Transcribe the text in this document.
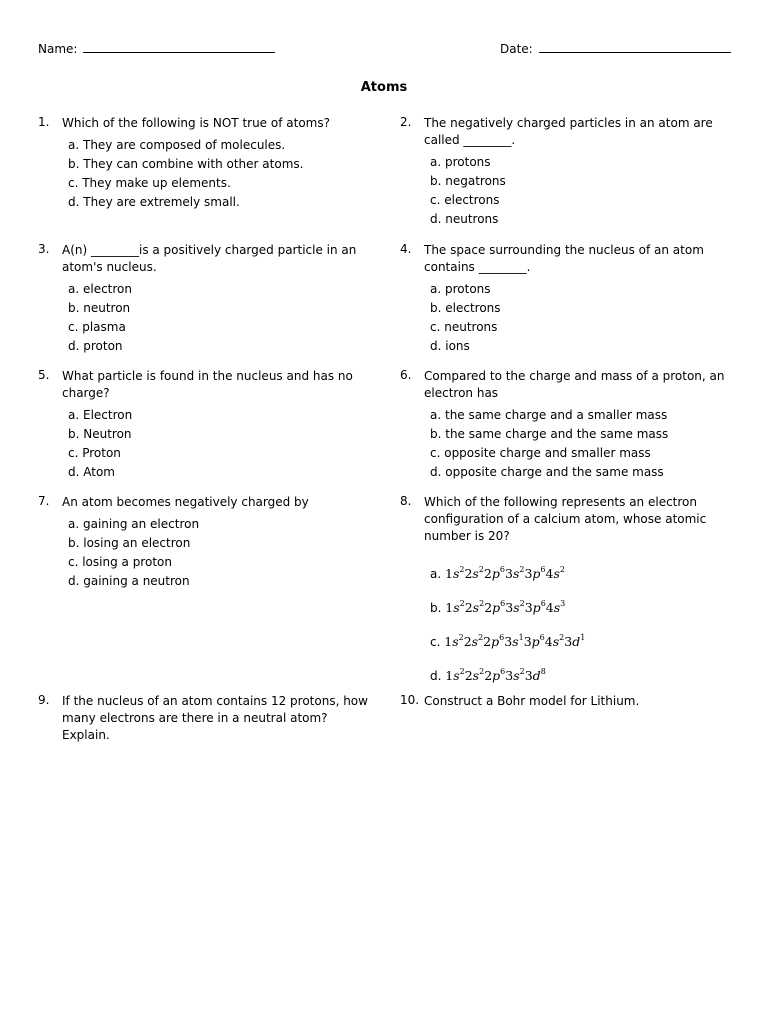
Name:	Date:
Atoms
1. Which of the following is NOT true of atoms?
a. They are composed of molecules.
b. They can combine with other atoms.
c. They make up elements.
d. They are extremely small.
2. The negatively charged particles in an atom are
called ________.
a. protons
b. negatrons
c. electrons
d. neutrons
3. A(n) ________is a positively charged particle in an
atom's nucleus.
a. electron
b. neutron
c. plasma
d. proton
4. The space surrounding the nucleus of an atom
contains ________.
a. protons
b. electrons
c. neutrons
d. ions
5. What particle is found in the nucleus and has no
charge?
a. Electron
b. Neutron
c. Proton
d. Atom
6. Compared to the charge and mass of a proton, an
electron has
a. the same charge and a smaller mass
b. the same charge and the same mass
c. opposite charge and smaller mass
d. opposite charge and the same mass
7. An atom becomes negatively charged by
a. gaining an electron
b. losing an electron
c. losing a proton
d. gaining a neutron
8. Which of the following represents an electron
configuration of a calcium atom, whose atomic
number is 20?
a. $1s^22s^22p^63s^23p^64s^2$
b. $1s^22s^22p^63s^23p^64s^3$
c. $1s^22s^22p^63s^13p^64s^23d^1$
d. $1s^22s^22p^63s^23d^8$
9. If the nucleus of an atom contains 12 protons, how
many electrons are there in a neutral atom?
Explain.
10. Construct a Bohr model for Lithium.
